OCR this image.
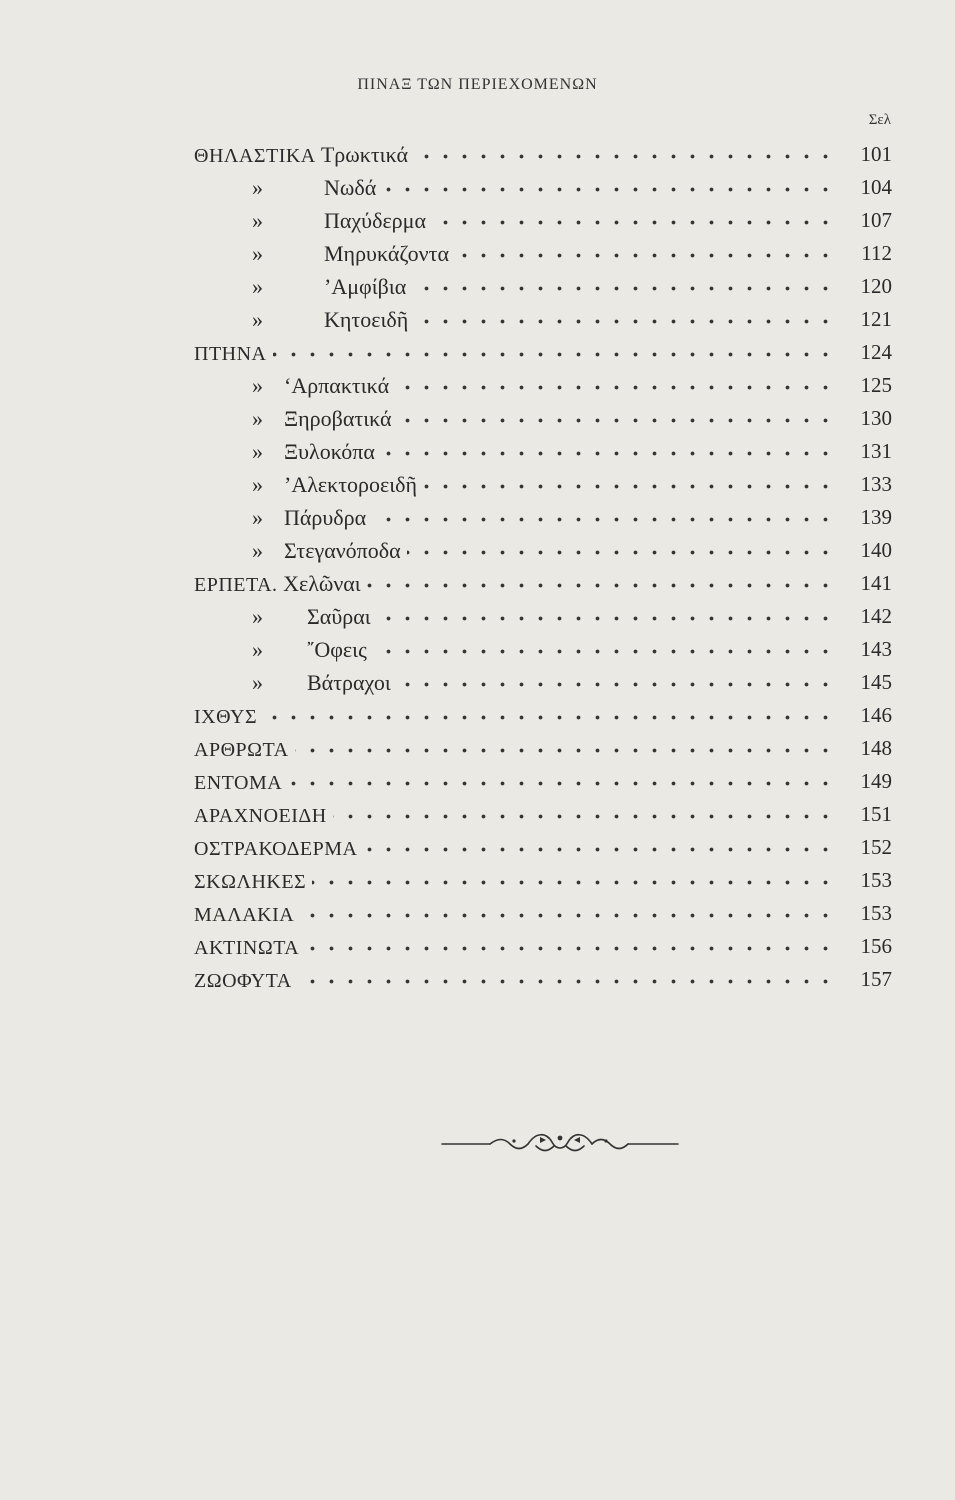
ΠΙΝΑΞ ΤΩΝ ΠΕΡΙΕΧΟΜΕΝΩΝ
Σελ
ΘΗΛΑΣΤΙΚΑ Τρωκτικά	101
»	Νωδά	104
»	Παχύδερμα	107
»	Μηρυκάζοντα	112
»	’Αμφίβια	120
»	Κητοειδῆ	121
ΠΤΗΝΑ	124
» ‘Αρπακτικά	125
» Ξηροβατικά	130
» Ξυλοκόπα	131
» ’Αλεκτοροειδῆ	133
» Πάρυδρα	139
» Στεγανόποδα	140
ΕΡΠΕΤΑ. Χελῶναι	141
» Σαῦραι	142
» ῎Οφεις	143
» Βάτραχοι	145
ΙΧΘΥΣ	146
ΑΡΘΡΩΤΑ	148
ΕΝΤΟΜΑ	149
ΑΡΑΧΝΟΕΙΔΗ	151
ΟΣΤΡΑΚΟΔΕΡΜΑ	152
ΣΚΩΛΗΚΕΣ	153
ΜΑΛΑΚΙΑ	153
ΑΚΤΙΝΩΤΑ	156
ΖΩΟΦΥΤΑ	157
